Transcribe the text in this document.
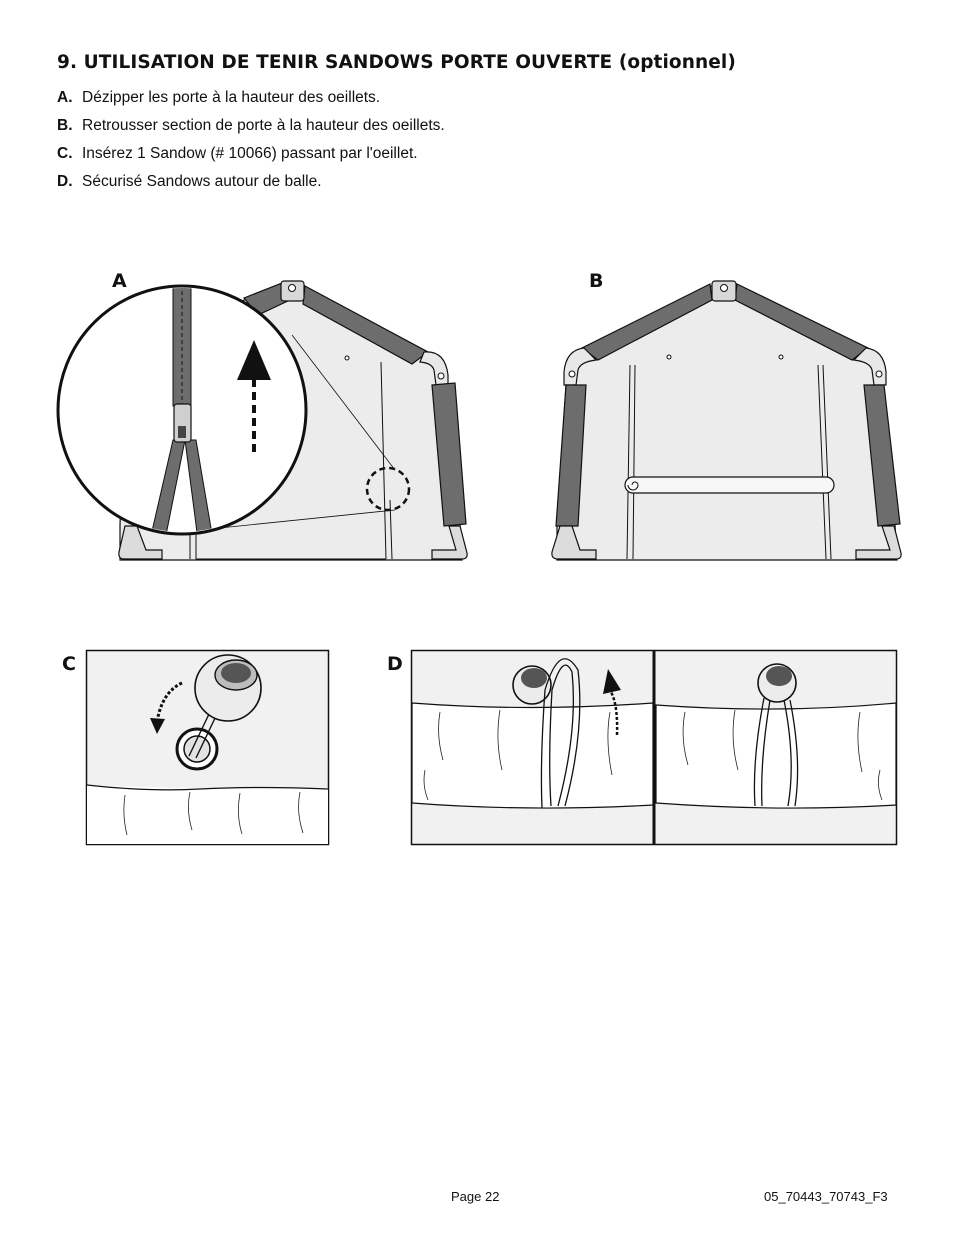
9. UTILISATION DE TENIR SANDOWS PORTE OUVERTE (optionnel)
A. Dézipper les porte à la hauteur des oeillets.
B. Retrousser section de porte à la hauteur des oeillets.
C. Insérez 1 Sandow (# 10066) passant par l'oeillet.
D. Sécurisé Sandows autour de balle.
A	B
C	D
Page 22	05_70443_70743_F3
